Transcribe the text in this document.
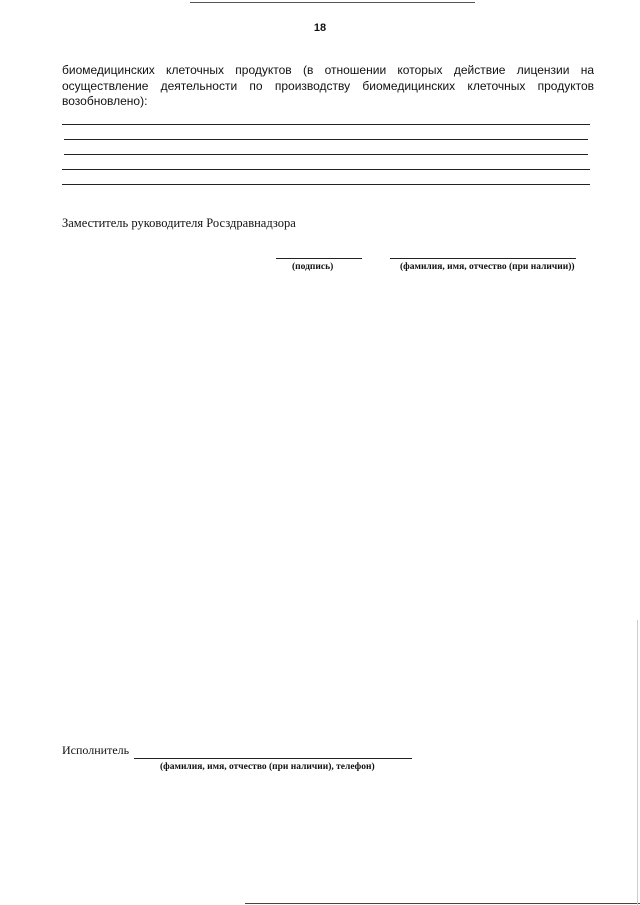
18
биомедицинских клеточных продуктов (в отношении которых действие лицензии на осуществление деятельности по производству биомедицинских клеточных продуктов возобновлено):
Заместитель руководителя Росздравнадзора
(подпись)	(фамилия, имя, отчество (при наличии))
Исполнитель
(фамилия, имя, отчество (при наличии), телефон)
